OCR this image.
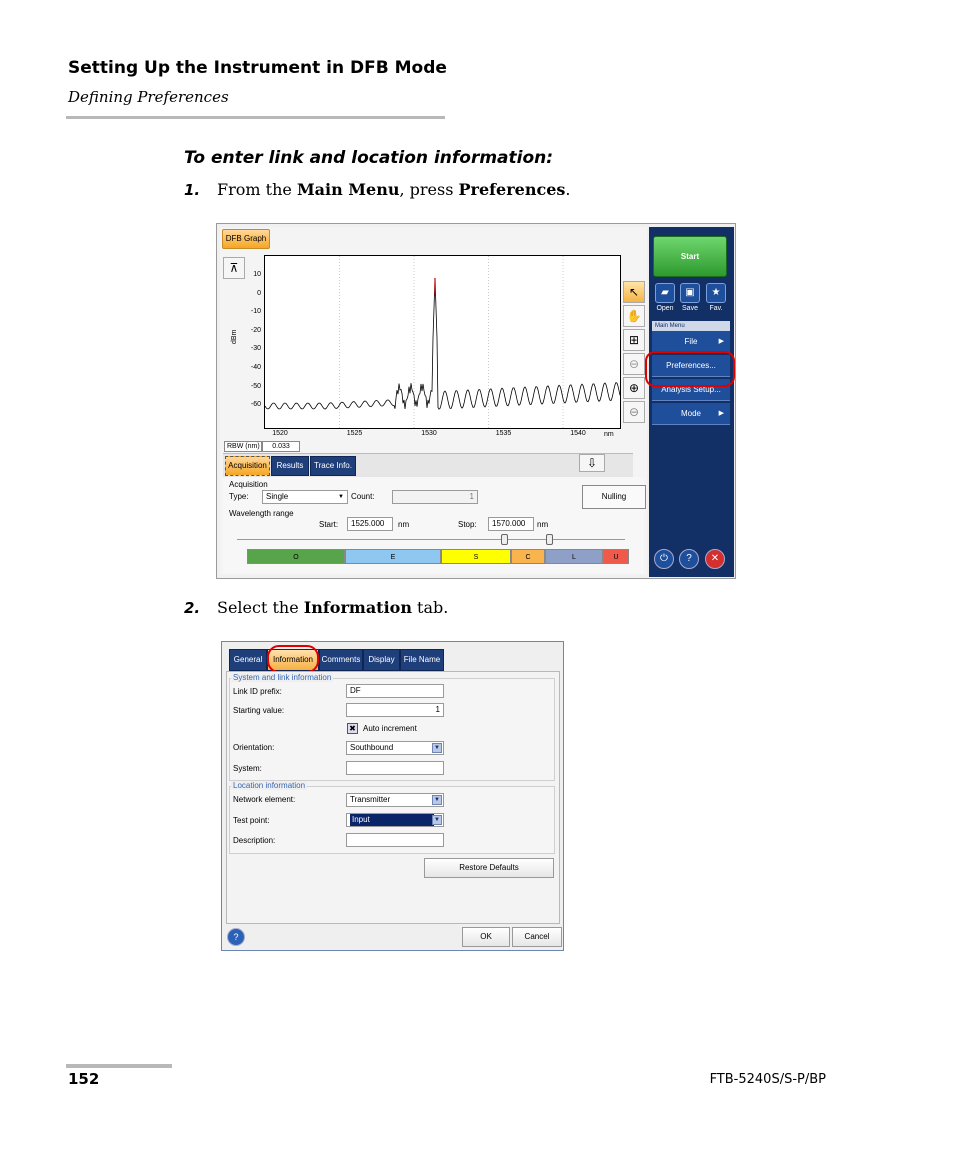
Setting Up the Instrument in DFB Mode
Defining Preferences
To enter link and location information:
1. From the Main Menu, press Preferences.
DFB Graph
⊼
dBm
nm
RBW (nm)	0.033
↖
✋
⊞
⊖
⊕
⊖
Acquisition	Results	Trace Info.	⇩
Acquisition
Type:	Single	▼ Count:	1	Nulling
Wavelength range
Start:	1525.000	nm	Stop:	1570.000	nm
O	E	S	C	L	U
Start
▰	▣	★
Open	Save	Fav.
Main Menu
File	▶
Preferences...
Analysis Setup...
Mode	▶
⏻	?	✕
10
0
-10
-20
-30
-40
-50
-60
1520	1525	1530	1535	1540
2. Select the Information tab.
General	Information	Comments	Display	File Name
System and link information
Link ID prefix:	DF
Starting value:	1
✖ Auto increment
Orientation:	Southbound	▼
System:
Location information
Network element:	Transmitter	▼
Test point:	Input	▼
Description:
Restore Defaults
?	OK	Cancel
152	FTB-5240S/S-P/BP
